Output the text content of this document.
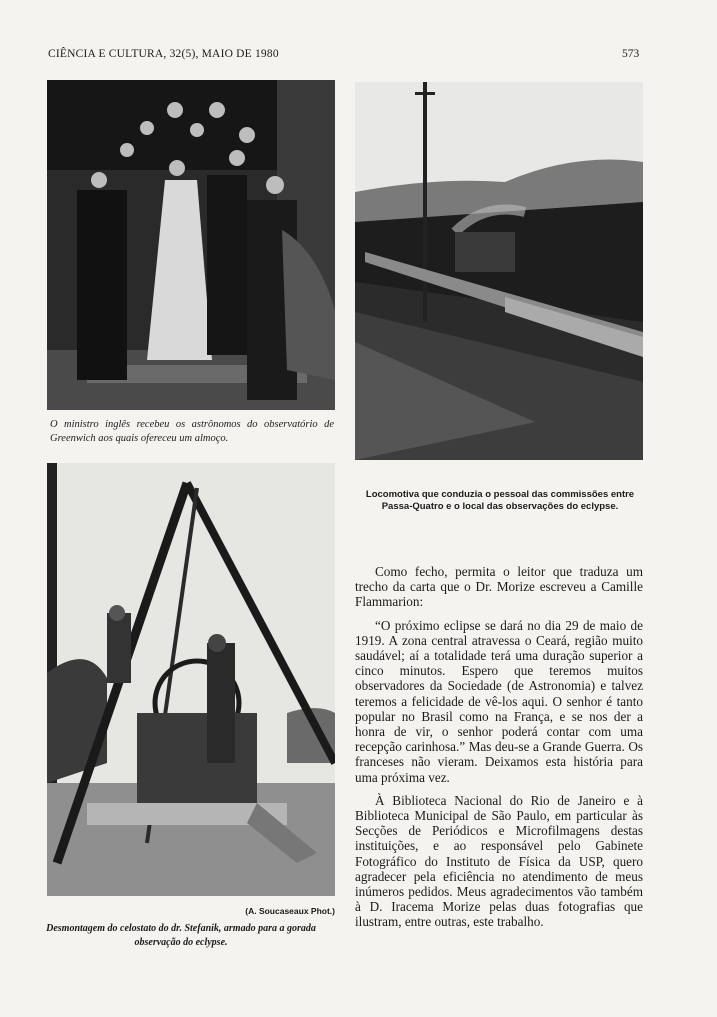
CIÊNCIA E CULTURA, 32(5), MAIO DE 1980	573
O ministro inglês recebeu os astrônomos do observatório de Greenwich aos quais ofereceu um almoço.
Locomotiva que conduzia o pessoal das commissões entre Passa-Quatro e o local das observações do eclypse.
(A. Soucaseaux Phot.)
Desmontagem do celostato do dr. Stefanik, armado para a gorada observação do eclypse.

Como fecho, permita o leitor que traduza um trecho da carta que o Dr. Morize escreveu a Camille Flammarion:

“O próximo eclipse se dará no dia 29 de maio de 1919. A zona central atravessa o Ceará, região muito saudável; aí a totalidade terá uma duração superior a cinco minutos. Espero que teremos muitos observadores da Sociedade (de Astronomia) e talvez teremos a felicidade de vê-los aqui. O senhor é tanto popular no Brasil como na França, e se nos der a honra de vir, o senhor poderá contar com uma recepção carinhosa.” Mas deu-se a Grande Guerra. Os franceses não vieram. Deixamos esta história para uma próxima vez.

À Biblioteca Nacional do Rio de Janeiro e à Biblioteca Municipal de São Paulo, em particular às Secções de Periódicos e Microfilmagens destas instituições, e ao responsável pelo Gabinete Fotográfico do Instituto de Física da USP, quero agradecer pela eficiência no atendimento de meus inúmeros pedidos. Meus agradecimentos vão também à D. Iracema Morize pelas duas fotografias que ilustram, entre outras, este trabalho.
